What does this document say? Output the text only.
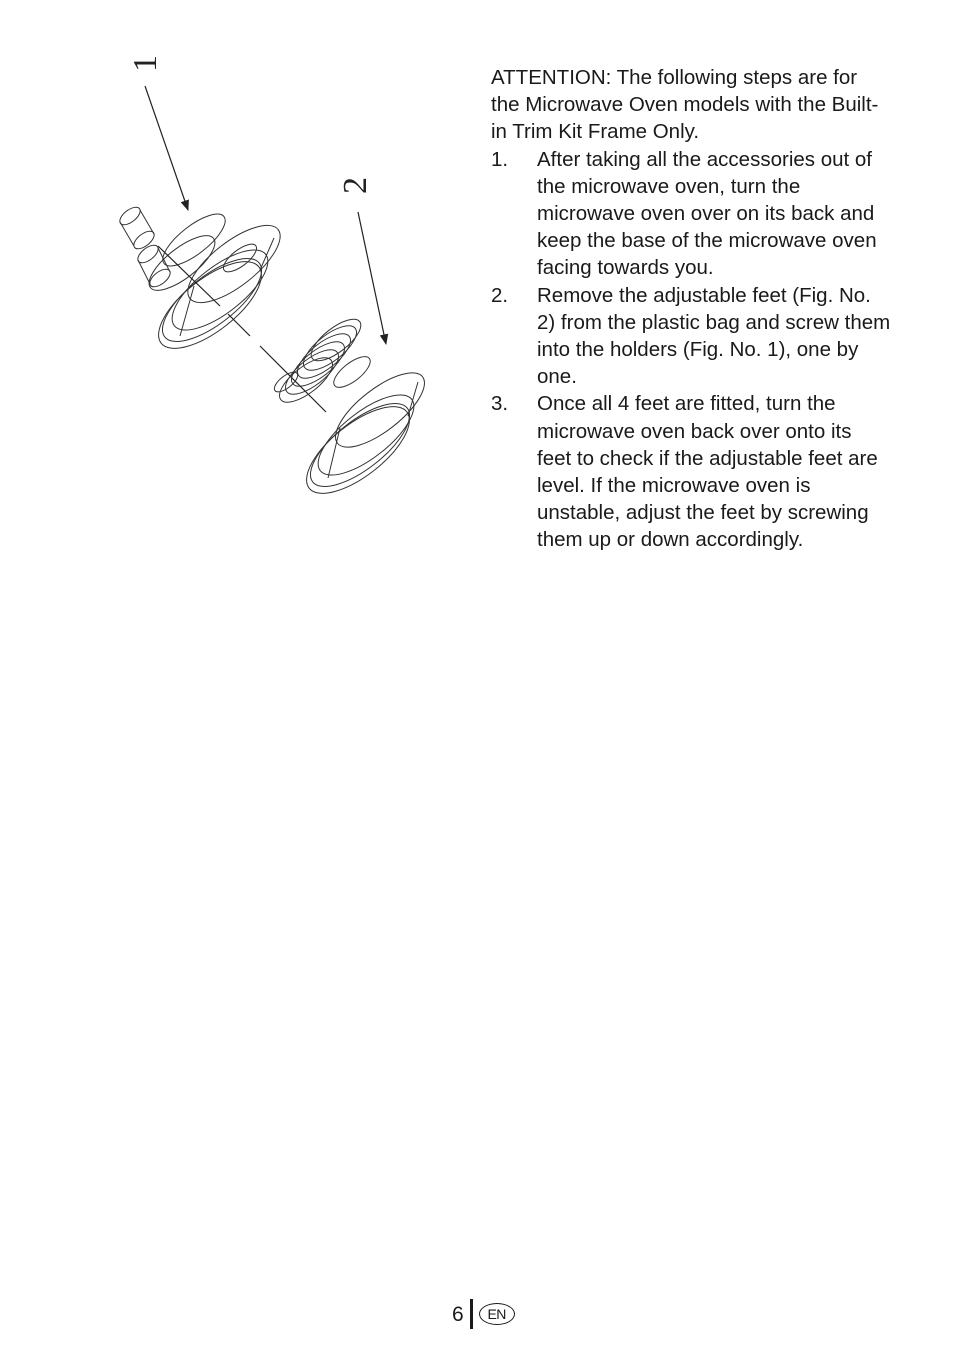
1
2

ATTENTION: The following steps are for the Microwave Oven models with the Built-in Trim Kit Frame Only.

1. After taking all the accessories out of the microwave oven, turn the microwave oven over on its back and keep the base of the microwave oven facing towards you.
2. Remove the adjustable feet (Fig. No. 2) from the plastic bag and screw them into the holders (Fig. No. 1), one by one.
3. Once all 4 feet are fitted, turn the microwave oven back over onto its feet to check if the adjustable feet are level. If the microwave oven is unstable, adjust the feet by screwing them up or down accordingly.
6	EN
